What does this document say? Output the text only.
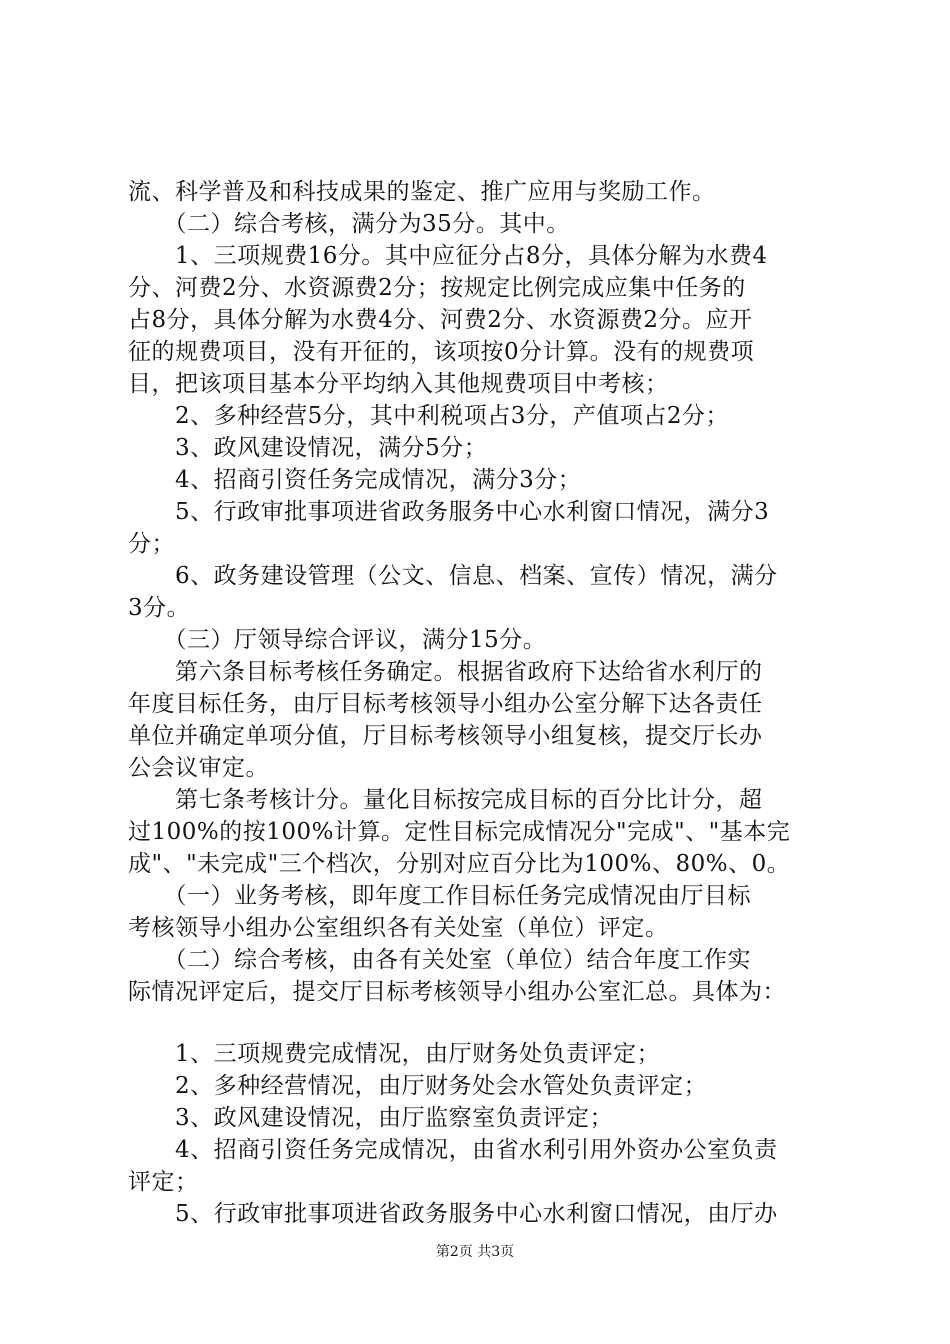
流、科学普及和科技成果的鉴定、推广应用与奖励工作。
　　（二）综合考核，满分为35分。其中。
　　1、三项规费16分。其中应征分占8分，具体分解为水费4
分、河费2分、水资源费2分；按规定比例完成应集中任务的
占8分，具体分解为水费4分、河费2分、水资源费2分。应开
征的规费项目，没有开征的，该项按0分计算。没有的规费项
目，把该项目基本分平均纳入其他规费项目中考核；
　　2、多种经营5分，其中利税项占3分，产值项占2分；
　　3、政风建设情况，满分5分；
　　4、招商引资任务完成情况，满分3分；
　　5、行政审批事项进省政务服务中心水利窗口情况，满分3
分；
　　6、政务建设管理（公文、信息、档案、宣传）情况，满分
3分。
　　（三）厅领导综合评议，满分15分。
　　第六条目标考核任务确定。根据省政府下达给省水利厅的
年度目标任务，由厅目标考核领导小组办公室分解下达各责任
单位并确定单项分值，厅目标考核领导小组复核，提交厅长办
公会议审定。
　　第七条考核计分。量化目标按完成目标的百分比计分，超
过100%的按100%计算。定性目标完成情况分"完成"、"基本完
成"、"未完成"三个档次，分别对应百分比为100%、80%、0。
　　（一）业务考核，即年度工作目标任务完成情况由厅目标
考核领导小组办公室组织各有关处室（单位）评定。
　　（二）综合考核，由各有关处室（单位）结合年度工作实
际情况评定后，提交厅目标考核领导小组办公室汇总。具体为：
　　1、三项规费完成情况，由厅财务处负责评定；
　　2、多种经营情况，由厅财务处会水管处负责评定；
　　3、政风建设情况，由厅监察室负责评定；
　　4、招商引资任务完成情况，由省水利引用外资办公室负责
评定；
　　5、行政审批事项进省政务服务中心水利窗口情况，由厅办
第2页 共3页
